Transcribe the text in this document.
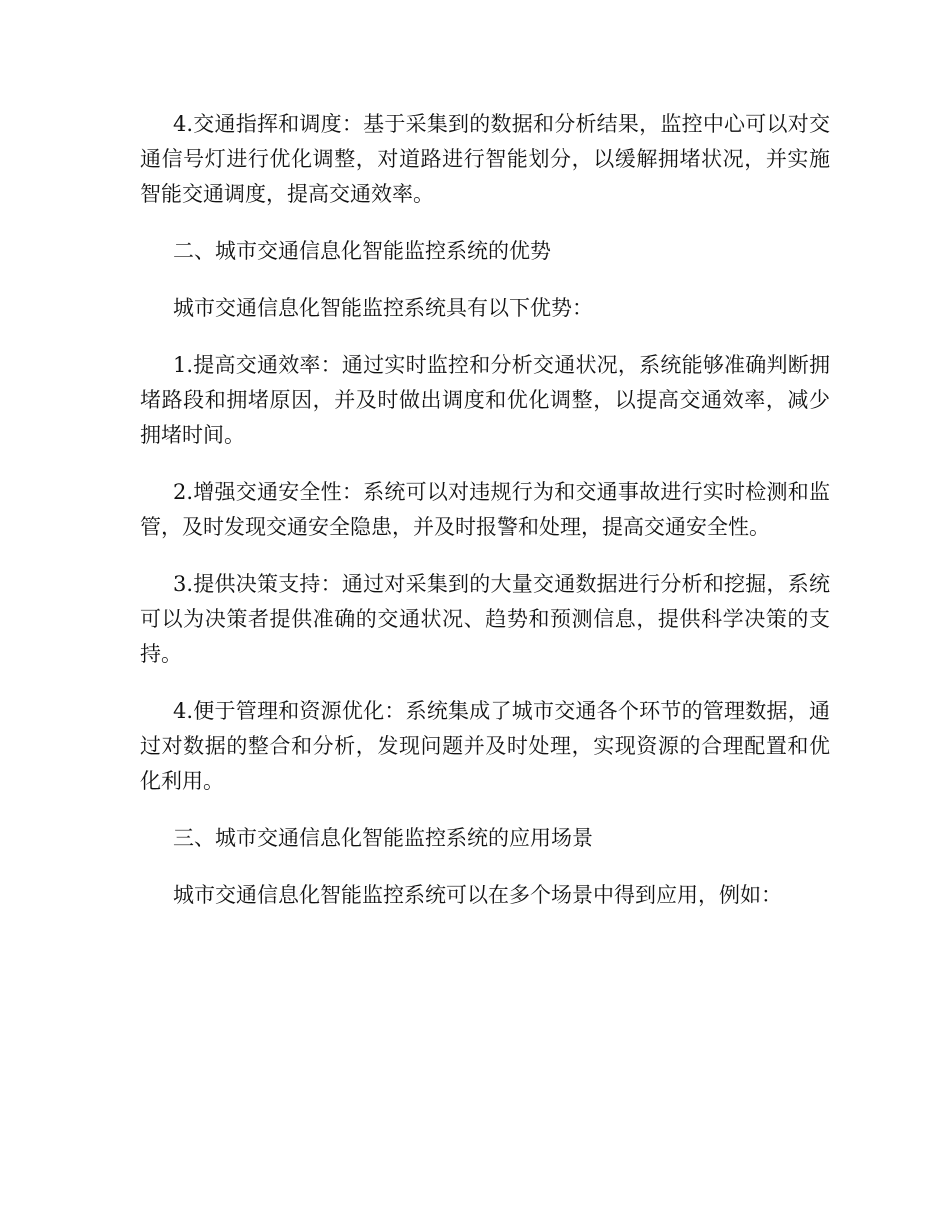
4.交通指挥和调度：基于采集到的数据和分析结果，监控中心可以对交通信号灯进行优化调整，对道路进行智能划分，以缓解拥堵状况，并实施智能交通调度，提高交通效率。

二、城市交通信息化智能监控系统的优势

城市交通信息化智能监控系统具有以下优势：

1.提高交通效率：通过实时监控和分析交通状况，系统能够准确判断拥堵路段和拥堵原因，并及时做出调度和优化调整，以提高交通效率，减少拥堵时间。

2.增强交通安全性：系统可以对违规行为和交通事故进行实时检测和监管，及时发现交通安全隐患，并及时报警和处理，提高交通安全性。

3.提供决策支持：通过对采集到的大量交通数据进行分析和挖掘，系统可以为决策者提供准确的交通状况、趋势和预测信息，提供科学决策的支持。

4.便于管理和资源优化：系统集成了城市交通各个环节的管理数据，通过对数据的整合和分析，发现问题并及时处理，实现资源的合理配置和优化利用。

三、城市交通信息化智能监控系统的应用场景

城市交通信息化智能监控系统可以在多个场景中得到应用，例如：
